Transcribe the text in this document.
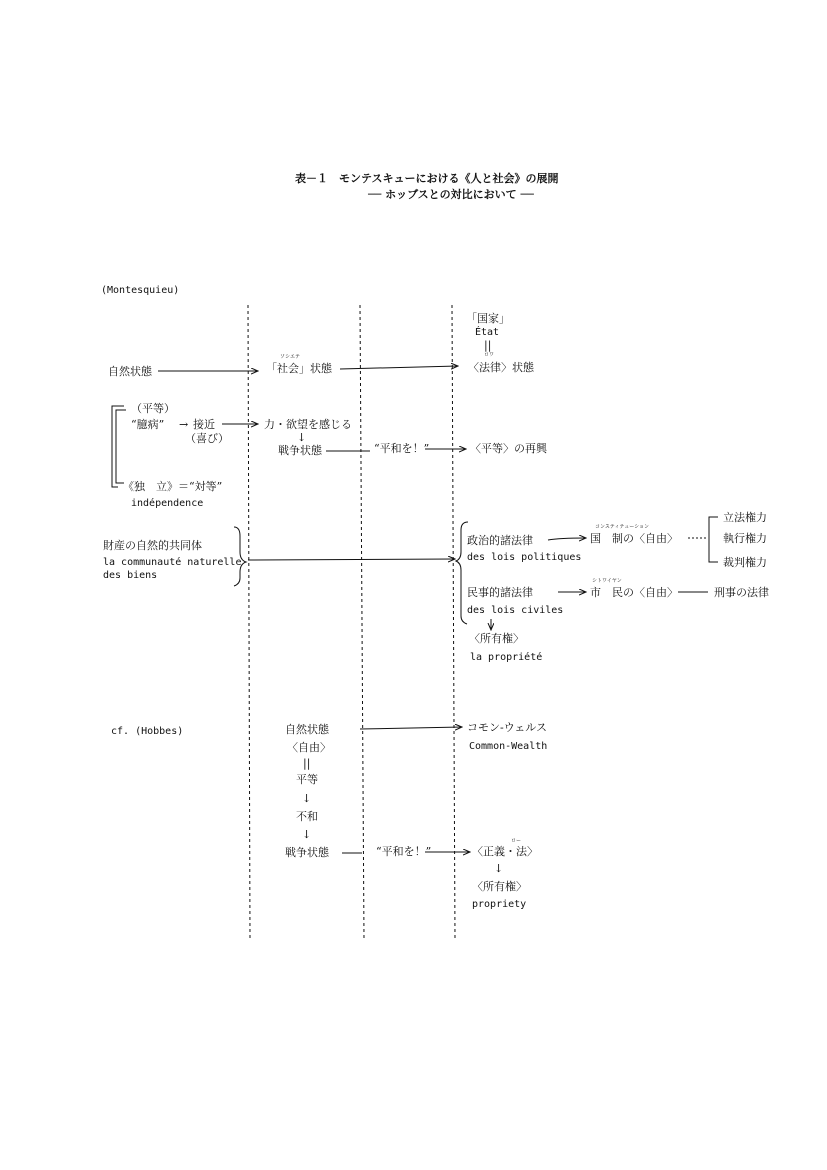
表－１　モンテスキューにおける《人と社会》の展開
── ホッブスとの対比において ──
(Montesquieu)
自然状態
ソシエテ
「社会」状態
「国家」
État
||
ロワ
〈法律〉状態
（平等）
“臆病” → 接近
（喜び）
力・欲望を感じる
↓
戦争状態	“平和を！”	〈平等〉の再興
《独　立》＝“対等”
indépendence
財産の自然的共同体
la communauté naturelle
des biens
政治的諸法律
des lois politiques
コンスティテューション
国　制の〈自由〉
立法権力
執行権力
裁判権力
民事的諸法律
des lois civiles
シトワイヤン
市　民の〈自由〉	刑事の法律
〈所有権〉
la propriété
cf. (Hobbes)	自然状態	コモン-ウェルス
Common-Wealth
〈自由〉
||
平等
↓
不和
↓
戦争状態	“平和を！”
ロー
〈正義・法〉
↓
〈所有権〉
propriety
